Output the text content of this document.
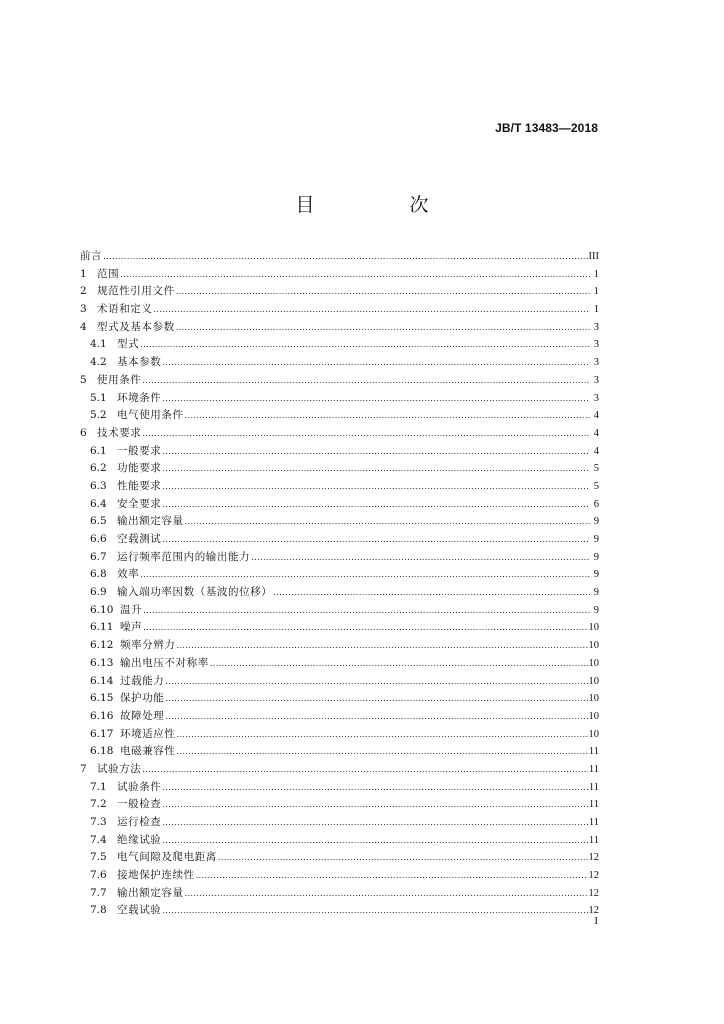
JB/T 13483—2018
目　次
前言 .....	III
1 范围 .....	1
2 规范性引用文件 .....	1
3 术语和定义 .....	1
4 型式及基本参数 .....	3
4.1 型式 .....	3
4.2 基本参数 .....	3
5 使用条件 .....	3
5.1 环境条件 .....	3
5.2 电气使用条件 .....	4
6 技术要求 .....	4
6.1 一般要求 .....	4
6.2 功能要求 .....	5
6.3 性能要求 .....	5
6.4 安全要求 .....	6
6.5 输出额定容量 .....	9
6.6 空载测试 .....	9
6.7 运行频率范围内的输出能力 .....	9
6.8 效率 .....	9
6.9 输入端功率因数（基波的位移） .....	9
6.10 温升 .....	9
6.11 噪声 .....	10
6.12 频率分辨力 .....	10
6.13 输出电压不对称率 .....	10
6.14 过载能力 .....	10
6.15 保护功能 .....	10
6.16 故障处理 .....	10
6.17 环境适应性 .....	10
6.18 电磁兼容性 .....	11
7 试验方法 .....	11
7.1 试验条件 .....	11
7.2 一般检查 .....	11
7.3 运行检查 .....	11
7.4 绝缘试验 .....	11
7.5 电气间隙及爬电距离 .....	12
7.6 接地保护连续性 .....	12
7.7 输出额定容量 .....	12
7.8 空载试验 .....	12
I
